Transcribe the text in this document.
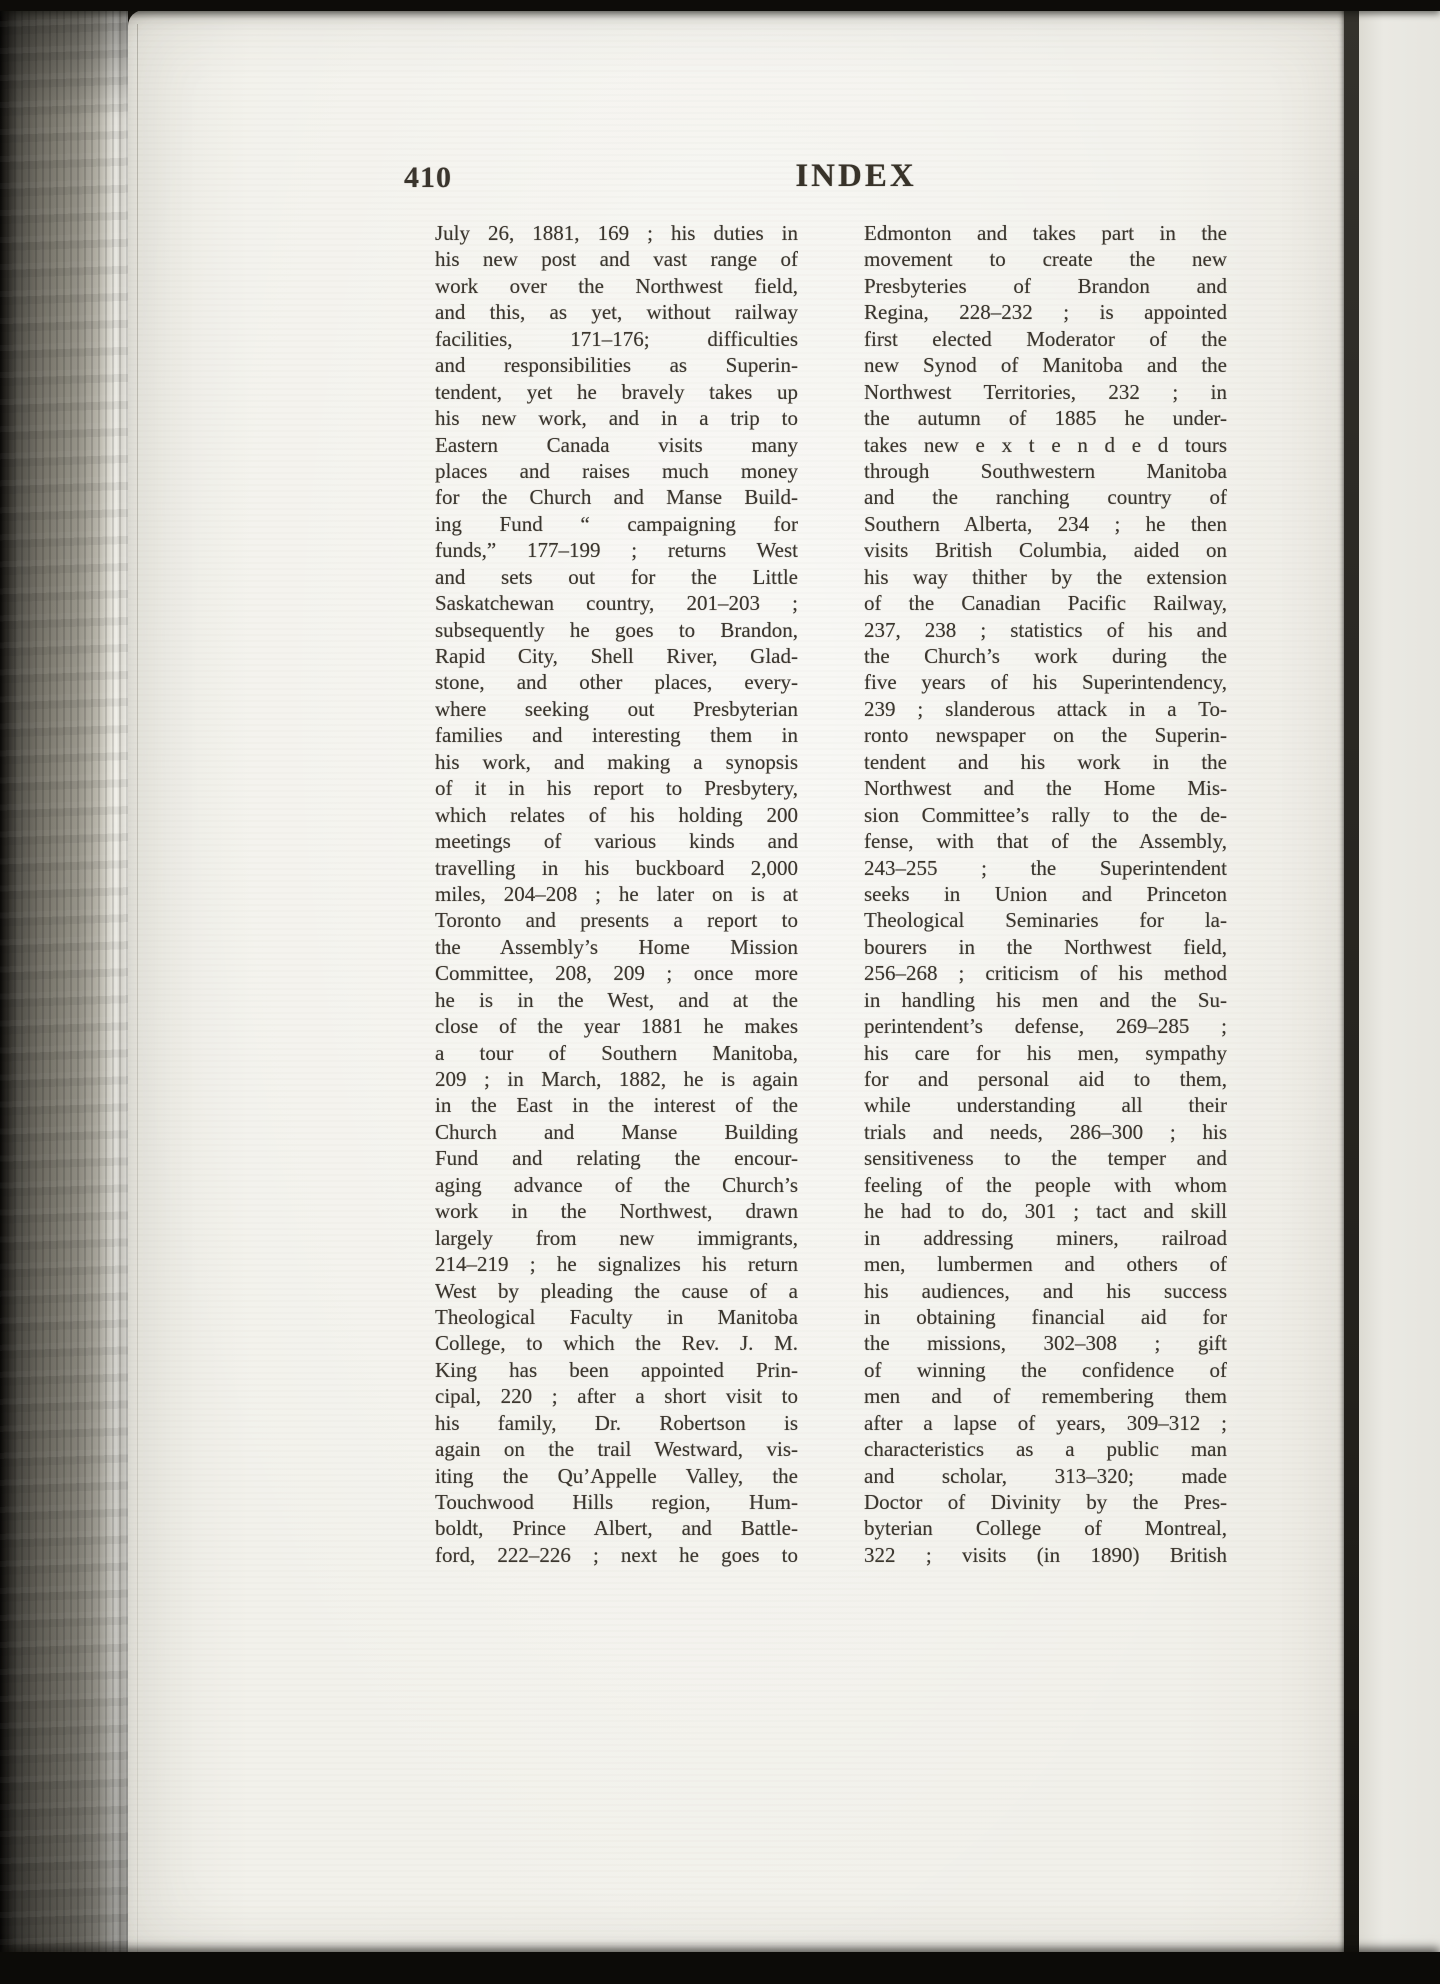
410	INDEX
July 26, 1881, 169 ; his duties in
his new post and vast range of
work over the Northwest field,
and this, as yet, without railway
facilities, 171–176; difficulties
and responsibilities as Superin-
tendent, yet he bravely takes up
his new work, and in a trip to
Eastern Canada visits many
places and raises much money
for the Church and Manse Build-
ing Fund “ campaigning for
funds,” 177–199 ; returns West
and sets out for the Little
Saskatchewan country, 201–203 ;
subsequently he goes to Brandon,
Rapid City, Shell River, Glad-
stone, and other places, every-
where seeking out Presbyterian
families and interesting them in
his work, and making a synopsis
of it in his report to Presbytery,
which relates of his holding 200
meetings of various kinds and
travelling in his buckboard 2,000
miles, 204–208 ; he later on is at
Toronto and presents a report to
the Assembly’s Home Mission
Committee, 208, 209 ; once more
he is in the West, and at the
close of the year 1881 he makes
a tour of Southern Manitoba,
209 ; in March, 1882, he is again
in the East in the interest of the
Church and Manse Building
Fund and relating the encour-
aging advance of the Church’s
work in the Northwest, drawn
largely from new immigrants,
214–219 ; he signalizes his return
West by pleading the cause of a
Theological Faculty in Manitoba
College, to which the Rev. J. M.
King has been appointed Prin-
cipal, 220 ; after a short visit to
his family, Dr. Robertson is
again on the trail Westward, vis-
iting the Qu’Appelle Valley, the
Touchwood Hills region, Hum-
boldt, Prince Albert, and Battle-
ford, 222–226 ; next he goes to
Edmonton and takes part in the
movement to create the new
Presbyteries of Brandon and
Regina, 228–232 ; is appointed
first elected Moderator of the
new Synod of Manitoba and the
Northwest Territories, 232 ; in
the autumn of 1885 he under-
takes new e x t e n d e d tours
through Southwestern Manitoba
and the ranching country of
Southern Alberta, 234 ; he then
visits British Columbia, aided on
his way thither by the extension
of the Canadian Pacific Railway,
237, 238 ; statistics of his and
the Church’s work during the
five years of his Superintendency,
239 ; slanderous attack in a To-
ronto newspaper on the Superin-
tendent and his work in the
Northwest and the Home Mis-
sion Committee’s rally to the de-
fense, with that of the Assembly,
243–255 ; the Superintendent
seeks in Union and Princeton
Theological Seminaries for la-
bourers in the Northwest field,
256–268 ; criticism of his method
in handling his men and the Su-
perintendent’s defense, 269–285 ;
his care for his men, sympathy
for and personal aid to them,
while understanding all their
trials and needs, 286–300 ; his
sensitiveness to the temper and
feeling of the people with whom
he had to do, 301 ; tact and skill
in addressing miners, railroad
men, lumbermen and others of
his audiences, and his success
in obtaining financial aid for
the missions, 302–308 ; gift
of winning the confidence of
men and of remembering them
after a lapse of years, 309–312 ;
characteristics as a public man
and scholar, 313–320; made
Doctor of Divinity by the Pres-
byterian College of Montreal,
322 ; visits (in 1890) British
